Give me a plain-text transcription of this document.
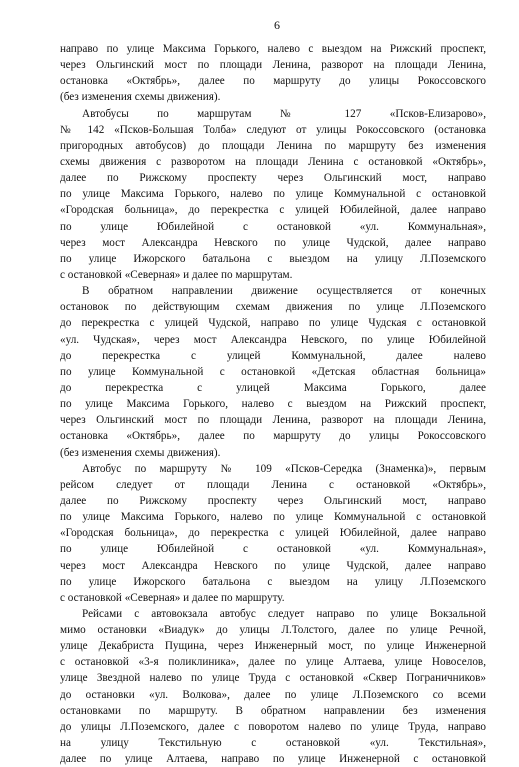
6
направо по улице Максима Горького, налево с выездом на Рижский проспект,
через Ольгинский мост по площади Ленина, разворот на площади Ленина,
остановка «Октябрь», далее по маршруту до улицы Рокоссовского
(без изменения схемы движения).
Автобусы по маршрутам № 127 «Псков-Елизарово»,
№ 142 «Псков-Большая Толба» следуют от улицы Рокоссовского (остановка
пригородных автобусов) до площади Ленина по маршруту без изменения
схемы движения с разворотом на площади Ленина с остановкой «Октябрь»,
далее по Рижскому проспекту через Ольгинский мост, направо
по улице Максима Горького, налево по улице Коммунальной с остановкой
«Городская больница», до перекрестка с улицей Юбилейной, далее направо
по улице Юбилейной с остановкой «ул. Коммунальная»,
через мост Александра Невского по улице Чудской, далее направо
по улице Ижорского батальона с выездом на улицу Л.Поземского
с остановкой «Северная» и далее по маршрутам.
В обратном направлении движение осуществляется от конечных
остановок по действующим схемам движения по улице Л.Поземского
до перекрестка с улицей Чудской, направо по улице Чудская с остановкой
«ул. Чудская», через мост Александра Невского, по улице Юбилейной
до перекрестка с улицей Коммунальной, далее налево
по улице Коммунальной с остановкой «Детская областная больница»
до перекрестка с улицей Максима Горького, далее
по улице Максима Горького, налево с выездом на Рижский проспект,
через Ольгинский мост по площади Ленина, разворот на площади Ленина,
остановка «Октябрь», далее по маршруту до улицы Рокоссовского
(без изменения схемы движения).
Автобус по маршруту № 109 «Псков-Середка (Знаменка)», первым
рейсом следует от площади Ленина с остановкой «Октябрь»,
далее по Рижскому проспекту через Ольгинский мост, направо
по улице Максима Горького, налево по улице Коммунальной с остановкой
«Городская больница», до перекрестка с улицей Юбилейной, далее направо
по улице Юбилейной с остановкой «ул. Коммунальная»,
через мост Александра Невского по улице Чудской, далее направо
по улице Ижорского батальона с выездом на улицу Л.Поземского
с остановкой «Северная» и далее по маршруту.
Рейсами с автовокзала автобус следует направо по улице Вокзальной
мимо остановки «Виадук» до улицы Л.Толстого, далее по улице Речной,
улице Декабриста Пущина, через Инженерный мост, по улице Инженерной
с остановкой «3-я поликлиника», далее по улице Алтаева, улице Новоселов,
улице Звездной налево по улице Труда с остановкой «Сквер Пограничников»
до остановки «ул. Волкова», далее по улице Л.Поземского со всеми
остановками по маршруту. В обратном направлении без изменения
до улицы Л.Поземского, далее с поворотом налево по улице Труда, направо
на улицу Текстильную с остановкой «ул. Текстильная»,
далее по улице Алтаева, направо по улице Инженерной с остановкой
